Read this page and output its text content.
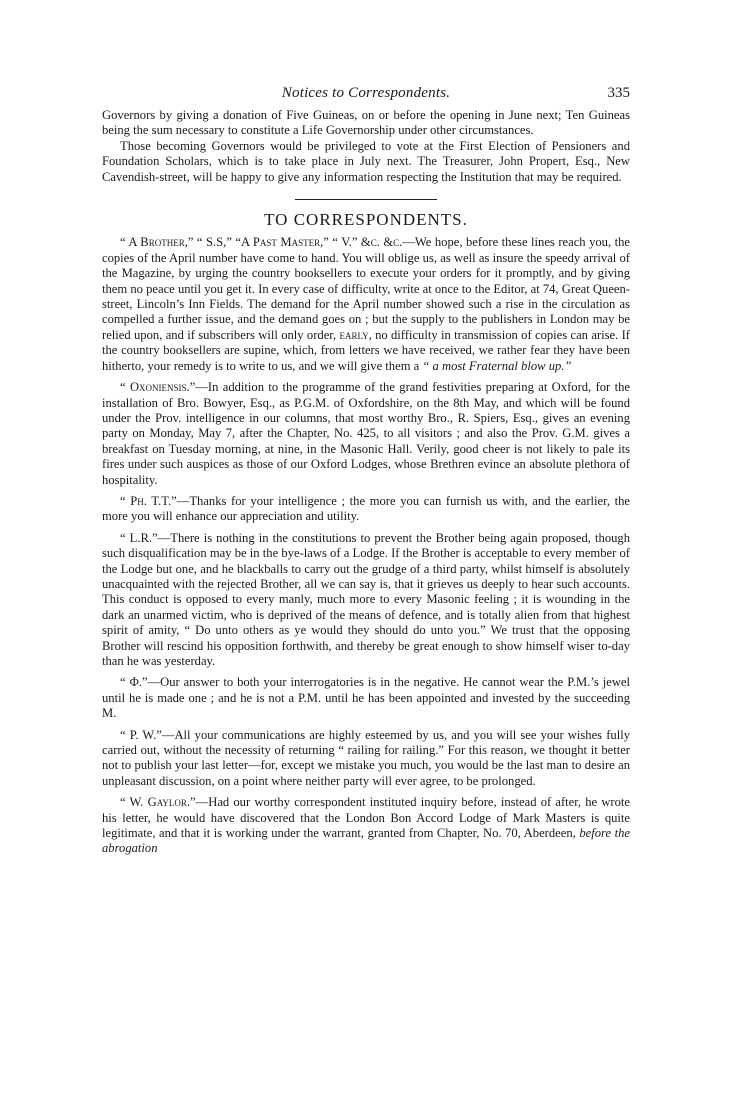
Notices to Correspondents.	335

Governors by giving a donation of Five Guineas, on or before the opening in June next; Ten Guineas being the sum necessary to constitute a Life Governorship under other circumstances.

Those becoming Governors would be privileged to vote at the First Election of Pensioners and Foundation Scholars, which is to take place in July next. The Treasurer, John Propert, Esq., New Cavendish-street, will be happy to give any information respecting the Institution that may be required.

TO CORRESPONDENTS.

“ A Brother,” “ S.S,” “A Past Master,” “ V.” &c. &c.—We hope, before these lines reach you, the copies of the April number have come to hand. You will oblige us, as well as insure the speedy arrival of the Magazine, by urging the country booksellers to execute your orders for it promptly, and by giving them no peace until you get it. In every case of difficulty, write at once to the Editor, at 74, Great Queen-street, Lincoln’s Inn Fields. The demand for the April number showed such a rise in the circulation as compelled a further issue, and the demand goes on ; but the supply to the publishers in London may be relied upon, and if subscribers will only order, early, no difficulty in transmission of copies can arise. If the country booksellers are supine, which, from letters we have received, we rather fear they have been hitherto, your remedy is to write to us, and we will give them a “ a most Fraternal blow up.”

“ Oxoniensis.”—In addition to the programme of the grand festivities preparing at Oxford, for the installation of Bro. Bowyer, Esq., as P.G.M. of Oxfordshire, on the 8th May, and which will be found under the Prov. intelligence in our columns, that most worthy Bro., R. Spiers, Esq., gives an evening party on Monday, May 7, after the Chapter, No. 425, to all visitors ; and also the Prov. G.M. gives a breakfast on Tuesday morning, at nine, in the Masonic Hall. Verily, good cheer is not likely to pale its fires under such auspices as those of our Oxford Lodges, whose Brethren evince an absolute plethora of hospitality.

“ Ph. T.T.”—Thanks for your intelligence ; the more you can furnish us with, and the earlier, the more you will enhance our appreciation and utility.

“ L.R.”—There is nothing in the constitutions to prevent the Brother being again proposed, though such disqualification may be in the bye-laws of a Lodge. If the Brother is acceptable to every member of the Lodge but one, and he blackballs to carry out the grudge of a third party, whilst himself is absolutely unacquainted with the rejected Brother, all we can say is, that it grieves us deeply to hear such accounts. This conduct is opposed to every manly, much more to every Masonic feeling ; it is wounding in the dark an unarmed victim, who is deprived of the means of defence, and is totally alien from that highest spirit of amity, “ Do unto others as ye would they should do unto you.” We trust that the opposing Brother will rescind his opposition forthwith, and thereby be great enough to show himself wiser to-day than he was yesterday.

“ Φ.”—Our answer to both your interrogatories is in the negative. He cannot wear the P.M.’s jewel until he is made one ; and he is not a P.M. until he has been appointed and invested by the succeeding M.

“ P. W.”—All your communications are highly esteemed by us, and you will see your wishes fully carried out, without the necessity of returning “ railing for railing.” For this reason, we thought it better not to publish your last letter—for, except we mistake you much, you would be the last man to desire an unpleasant discussion, on a point where neither party will ever agree, to be prolonged.

“ W. Gaylor.”—Had our worthy correspondent instituted inquiry before, instead of after, he wrote his letter, he would have discovered that the London Bon Accord Lodge of Mark Masters is quite legitimate, and that it is working under the warrant, granted from Chapter, No. 70, Aberdeen, before the abrogation
